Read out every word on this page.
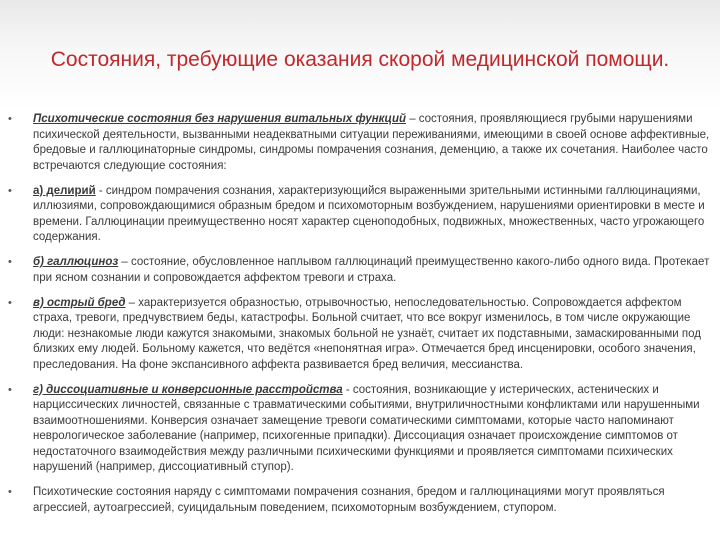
Состояния, требующие оказания скорой медицинской помощи.
• Психотические состояния без нарушения витальных функций – состояния, проявляющиеся грубыми нарушениями психической деятельности, вызванными неадекватными ситуации переживаниями, имеющими в своей основе аффективные, бредовые и галлюцинаторные синдромы, синдромы помрачения сознания, деменцию, а также их сочетания. Наиболее часто встречаются следующие состояния:
• а) делирий - синдром помрачения сознания, характеризующийся выраженными зрительными истинными галлюцинациями, иллюзиями, сопровождающимися образным бредом и психомоторным возбуждением, нарушениями ориентировки в месте и времени. Галлюцинации преимущественно носят характер сценоподобных, подвижных, множественных, часто угрожающего содержания.
• б) галлюциноз – состояние, обусловленное наплывом галлюцинаций преимущественно какого-либо одного вида. Протекает при ясном сознании и сопровождается аффектом тревоги и страха.
• в) острый бред – характеризуется образностью, отрывочностью, непоследовательностью. Сопровождается аффектом страха, тревоги, предчувствием беды, катастрофы. Больной считает, что все вокруг изменилось, в том числе окружающие люди: незнакомые люди кажутся знакомыми, знакомых больной не узнаёт, считает их подставными, замаскированными под близких ему людей. Больному кажется, что ведётся «непонятная игра». Отмечается бред инсценировки, особого значения, преследования. На фоне экспансивного аффекта развивается бред величия, мессианства.
• г) диссоциативные и конверсионные расстройства - состояния, возникающие у истерических, астенических и нарциссических личностей, связанные с травматическими событиями, внутриличностными конфликтами или нарушенными взаимоотношениями. Конверсия означает замещение тревоги соматическими симптомами, которые часто напоминают неврологическое заболевание (например, психогенные припадки). Диссоциация означает происхождение симптомов от недостаточного взаимодействия между различными психическими функциями и проявляется симптомами психических нарушений (например, диссоциативный ступор).
• Психотические состояния наряду с симптомами помрачения сознания, бредом и галлюцинациями могут проявляться агрессией, аутоагрессией, суицидальным поведением, психомоторным возбуждением, ступором.
